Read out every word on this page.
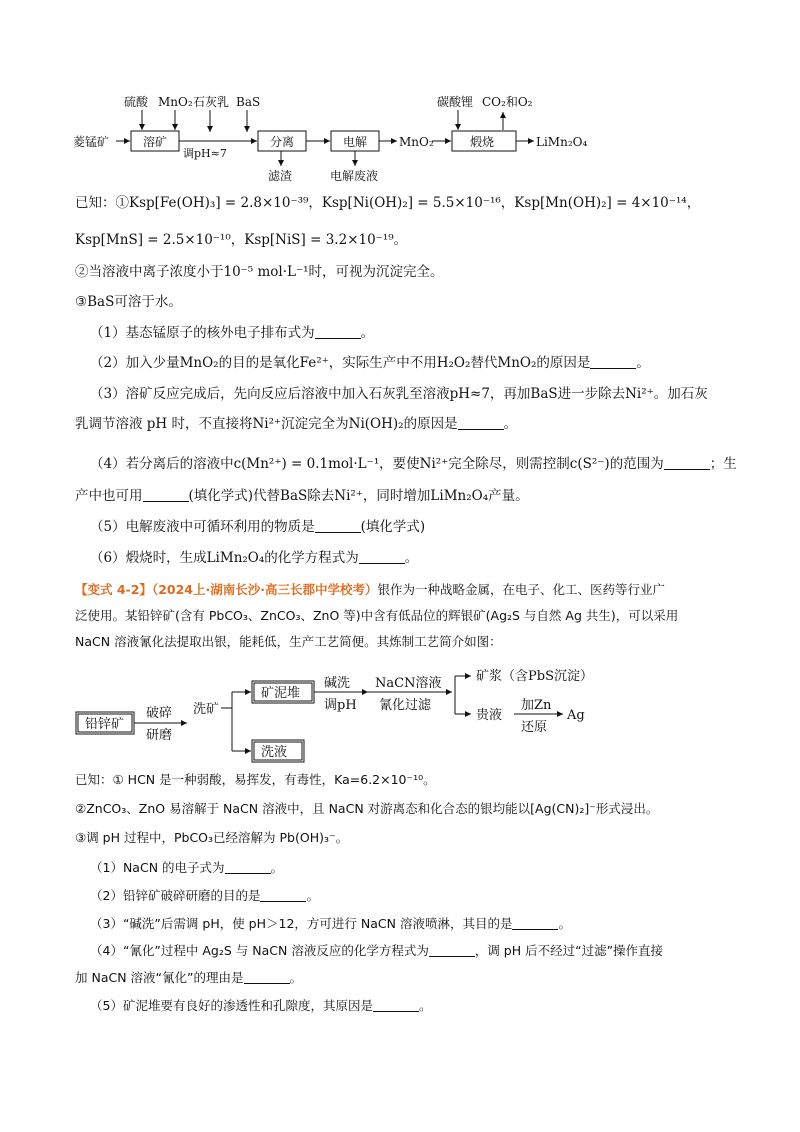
菱锰矿
硫酸 MnO₂ 石灰乳 BaS
溶矿
调pH≈7
分离
滤渣
电解
电解废液
MnO₂
碳酸锂 CO₂和O₂
煅烧	LiMn₂O₄
铅锌矿
破碎
研磨
洗矿
矿泥堆
洗液
碱洗
调pH
NaCN溶液
氰化过滤
矿浆（含PbS沉淀）
贵液
加Zn
还原
Ag
已知：①Ksp[Fe(OH)₃] = 2.8×10⁻³⁹，Ksp[Ni(OH)₂] = 5.5×10⁻¹⁶，Ksp[Mn(OH)₂] = 4×10⁻¹⁴，
Ksp[MnS] = 2.5×10⁻¹⁰，Ksp[NiS] = 3.2×10⁻¹⁹。
②当溶液中离子浓度小于10⁻⁵ mol·L⁻¹时，可视为沉淀完全。
③BaS可溶于水。
（1）基态锰原子的核外电子排布式为	。
（2）加入少量MnO₂的目的是氧化Fe²⁺，实际生产中不用H₂O₂替代MnO₂的原因是	。
（3）溶矿反应完成后，先向反应后溶液中加入石灰乳至溶液pH≈7，再加BaS进一步除去Ni²⁺。加石灰
乳调节溶液 pH 时，不直接将Ni²⁺沉淀完全为Ni(OH)₂的原因是	。
（4）若分离后的溶液中c(Mn²⁺) = 0.1mol·L⁻¹，要使Ni²⁺完全除尽，则需控制c(S²⁻)的范围为	；生
产中也可用	(填化学式)代替BaS除去Ni²⁺，同时增加LiMn₂O₄产量。
（5）电解废液中可循环利用的物质是	(填化学式)
（6）煅烧时，生成LiMn₂O₄的化学方程式为	。
【变式 4-2】（2024上·湖南长沙·高三长郡中学校考）银作为一种战略金属，在电子、化工、医药等行业广
泛使用。某铅锌矿(含有 PbCO₃、ZnCO₃、ZnO 等)中含有低品位的辉银矿(Ag₂S 与自然 Ag 共生)，可以采用
NaCN 溶液氰化法提取出银，能耗低，生产工艺简便。其炼制工艺简介如图：
已知：① HCN 是一种弱酸，易挥发，有毒性，Ka=6.2×10⁻¹⁰。
②ZnCO₃、ZnO 易溶解于 NaCN 溶液中，且 NaCN 对游离态和化合态的银均能以[Ag(CN)₂]⁻形式浸出。
③调 pH 过程中，PbCO₃已经溶解为 Pb(OH)₃⁻。
（1）NaCN 的电子式为	。
（2）铅锌矿破碎研磨的目的是	。
（3）“碱洗”后需调 pH，使 pH＞12，方可进行 NaCN 溶液喷淋，其目的是	。
（4）“氰化”过程中 Ag₂S 与 NaCN 溶液反应的化学方程式为	，调 pH 后不经过“过滤”操作直接
加 NaCN 溶液“氰化”的理由是	。
（5）矿泥堆要有良好的渗透性和孔隙度，其原因是	。
